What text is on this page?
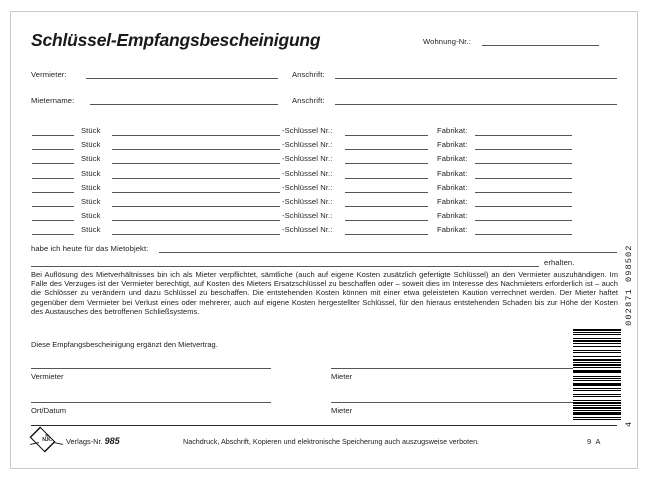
Schlüssel-Empfangsbescheinigung	Wohnung-Nr.:
Vermieter:	Anschrift:
Mietername:	Anschrift:
Stück	-Schlüssel Nr.:	Fabrikat:
Stück	-Schlüssel Nr.:	Fabrikat:
Stück	-Schlüssel Nr.:	Fabrikat:
Stück	-Schlüssel Nr.:	Fabrikat:
Stück	-Schlüssel Nr.:	Fabrikat:
Stück	-Schlüssel Nr.:	Fabrikat:
Stück	-Schlüssel Nr.:	Fabrikat:
Stück	-Schlüssel Nr.:	Fabrikat:
habe ich heute für das Mietobjekt:
erhalten.

Bei Auflösung des Mietverhältnisses bin ich als Mieter verpflichtet, sämtliche (auch auf eigene Kosten zusätzlich gefertigte Schlüssel) an den Vermieter auszuhändigen. Im Falle des Verzuges ist der Vermieter berechtigt, auf Kosten des Mieters Ersatzschlüssel zu beschaffen oder – soweit dies im Interesse des Nachmieters erforderlich ist – auch die Schlösser zu verändern und dazu Schlüssel zu beschaffen. Die entstehenden Kosten können mit einer etwa geleisteten Kaution verrechnet werden. Der Mieter haftet gegenüber dem Vermieter bei Verlust eines oder mehrerer, auch auf eigene Kosten hergestellter Schlüssel, für den hieraus entstehenden Schaden bis zur Höhe der Kosten des Austausches des betroffenen Schließsystems.

Diese Empfangsbescheinigung ergänzt den Mietvertrag.
Vermieter	Mieter
Ort/Datum	Mieter
R
N.K.	Verlags-Nr. 985	Nachdruck, Abschrift, Kopieren und elektronische Speicherung auch auszugsweise verboten.	9 A
4
002871 098502
